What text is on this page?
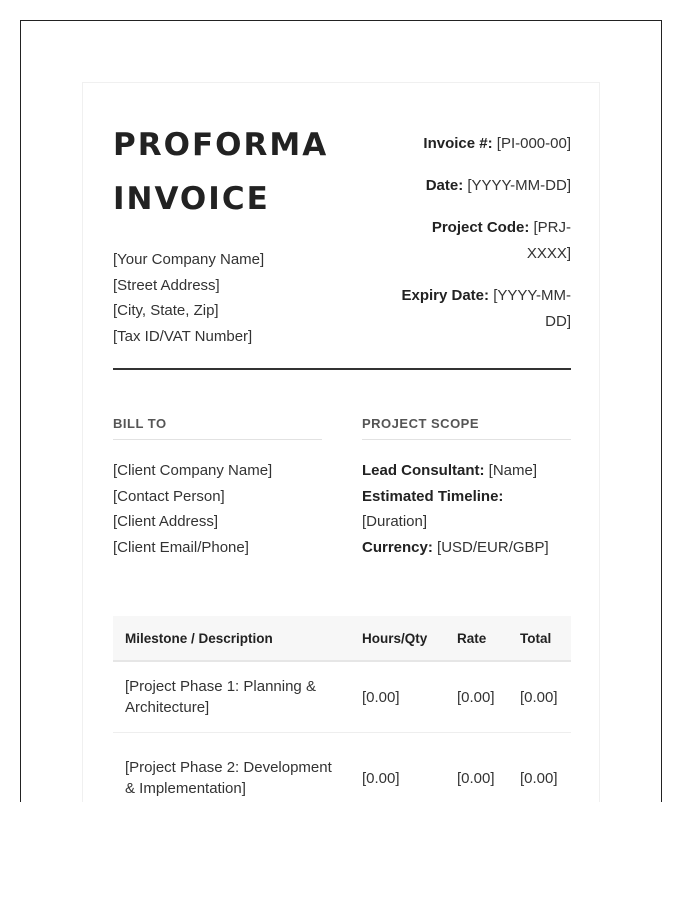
PROFORMA
INVOICE
[Your Company Name]
[Street Address]
[City, State, Zip]
[Tax ID/VAT Number]
Invoice #: [PI-000-00]
Date: [YYYY-MM-DD]
Project Code: [PRJ-XXXX]
Expiry Date: [YYYY-MM-DD]
BILL TO
[Client Company Name]
[Contact Person]
[Client Address]
[Client Email/Phone]
PROJECT SCOPE
Lead Consultant: [Name]
Estimated Timeline: [Duration]
Currency: [USD/EUR/GBP]
Milestone / Description	Hours/Qty	Rate	Total
[Project Phase 1: Planning & Architecture]	[0.00]	[0.00]	[0.00]
[Project Phase 2: Development & Implementation]	[0.00]	[0.00]	[0.00]
